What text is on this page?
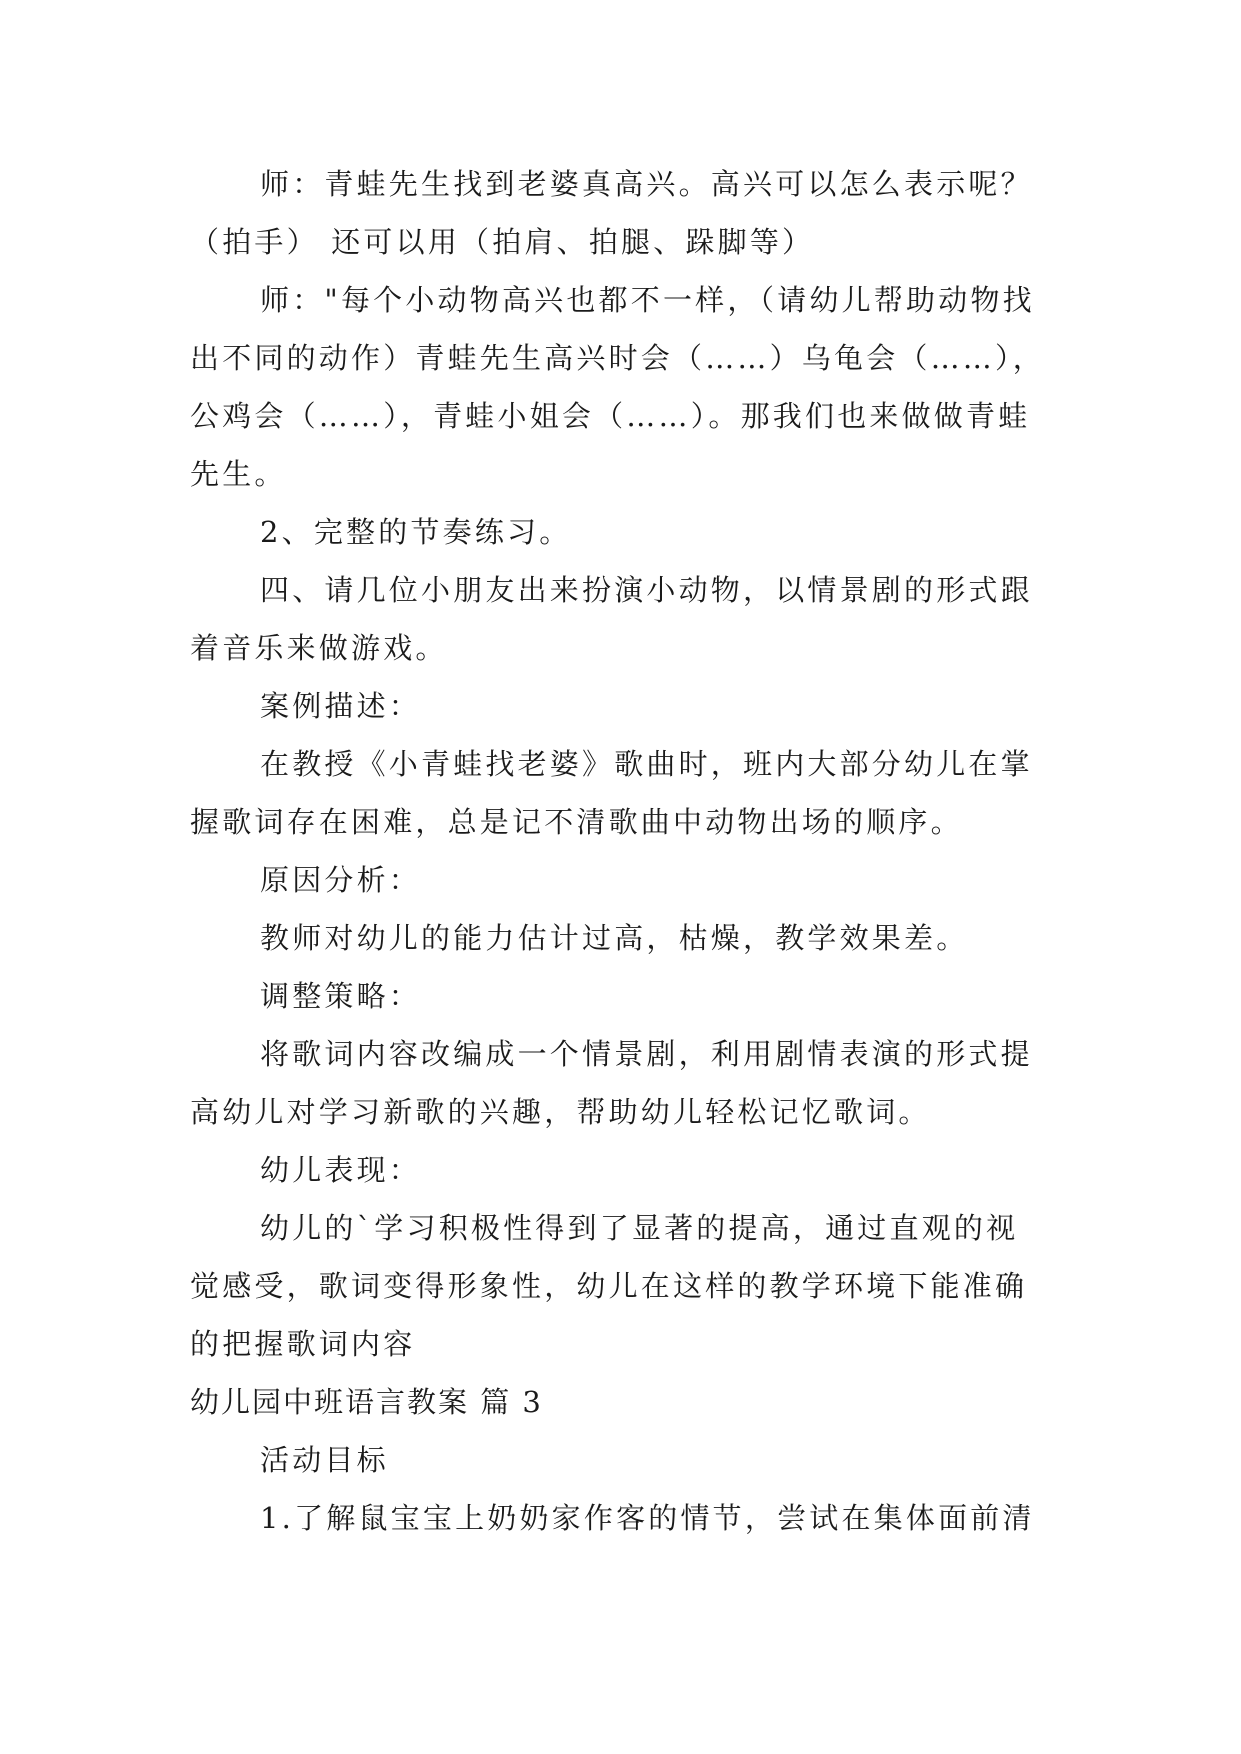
师：青蛙先生找到老婆真高兴。高兴可以怎么表示呢？
（拍手） 还可以用（拍肩、拍腿、跺脚等）
师："每个小动物高兴也都不一样，（请幼儿帮助动物找
出不同的动作）青蛙先生高兴时会（……）乌龟会（……），
公鸡会（……），青蛙小姐会（……）。那我们也来做做青蛙
先生。
2、完整的节奏练习。
四、请几位小朋友出来扮演小动物，以情景剧的形式跟
着音乐来做游戏。
案例描述：
在教授《小青蛙找老婆》歌曲时，班内大部分幼儿在掌
握歌词存在困难，总是记不清歌曲中动物出场的顺序。
原因分析：
教师对幼儿的能力估计过高，枯燥，教学效果差。
调整策略：
将歌词内容改编成一个情景剧，利用剧情表演的形式提
高幼儿对学习新歌的兴趣，帮助幼儿轻松记忆歌词。
幼儿表现：
幼儿的`学习积极性得到了显著的提高，通过直观的视
觉感受，歌词变得形象性，幼儿在这样的教学环境下能准确
的把握歌词内容
幼儿园中班语言教案 篇 3
活动目标
1.了解鼠宝宝上奶奶家作客的情节，尝试在集体面前清
